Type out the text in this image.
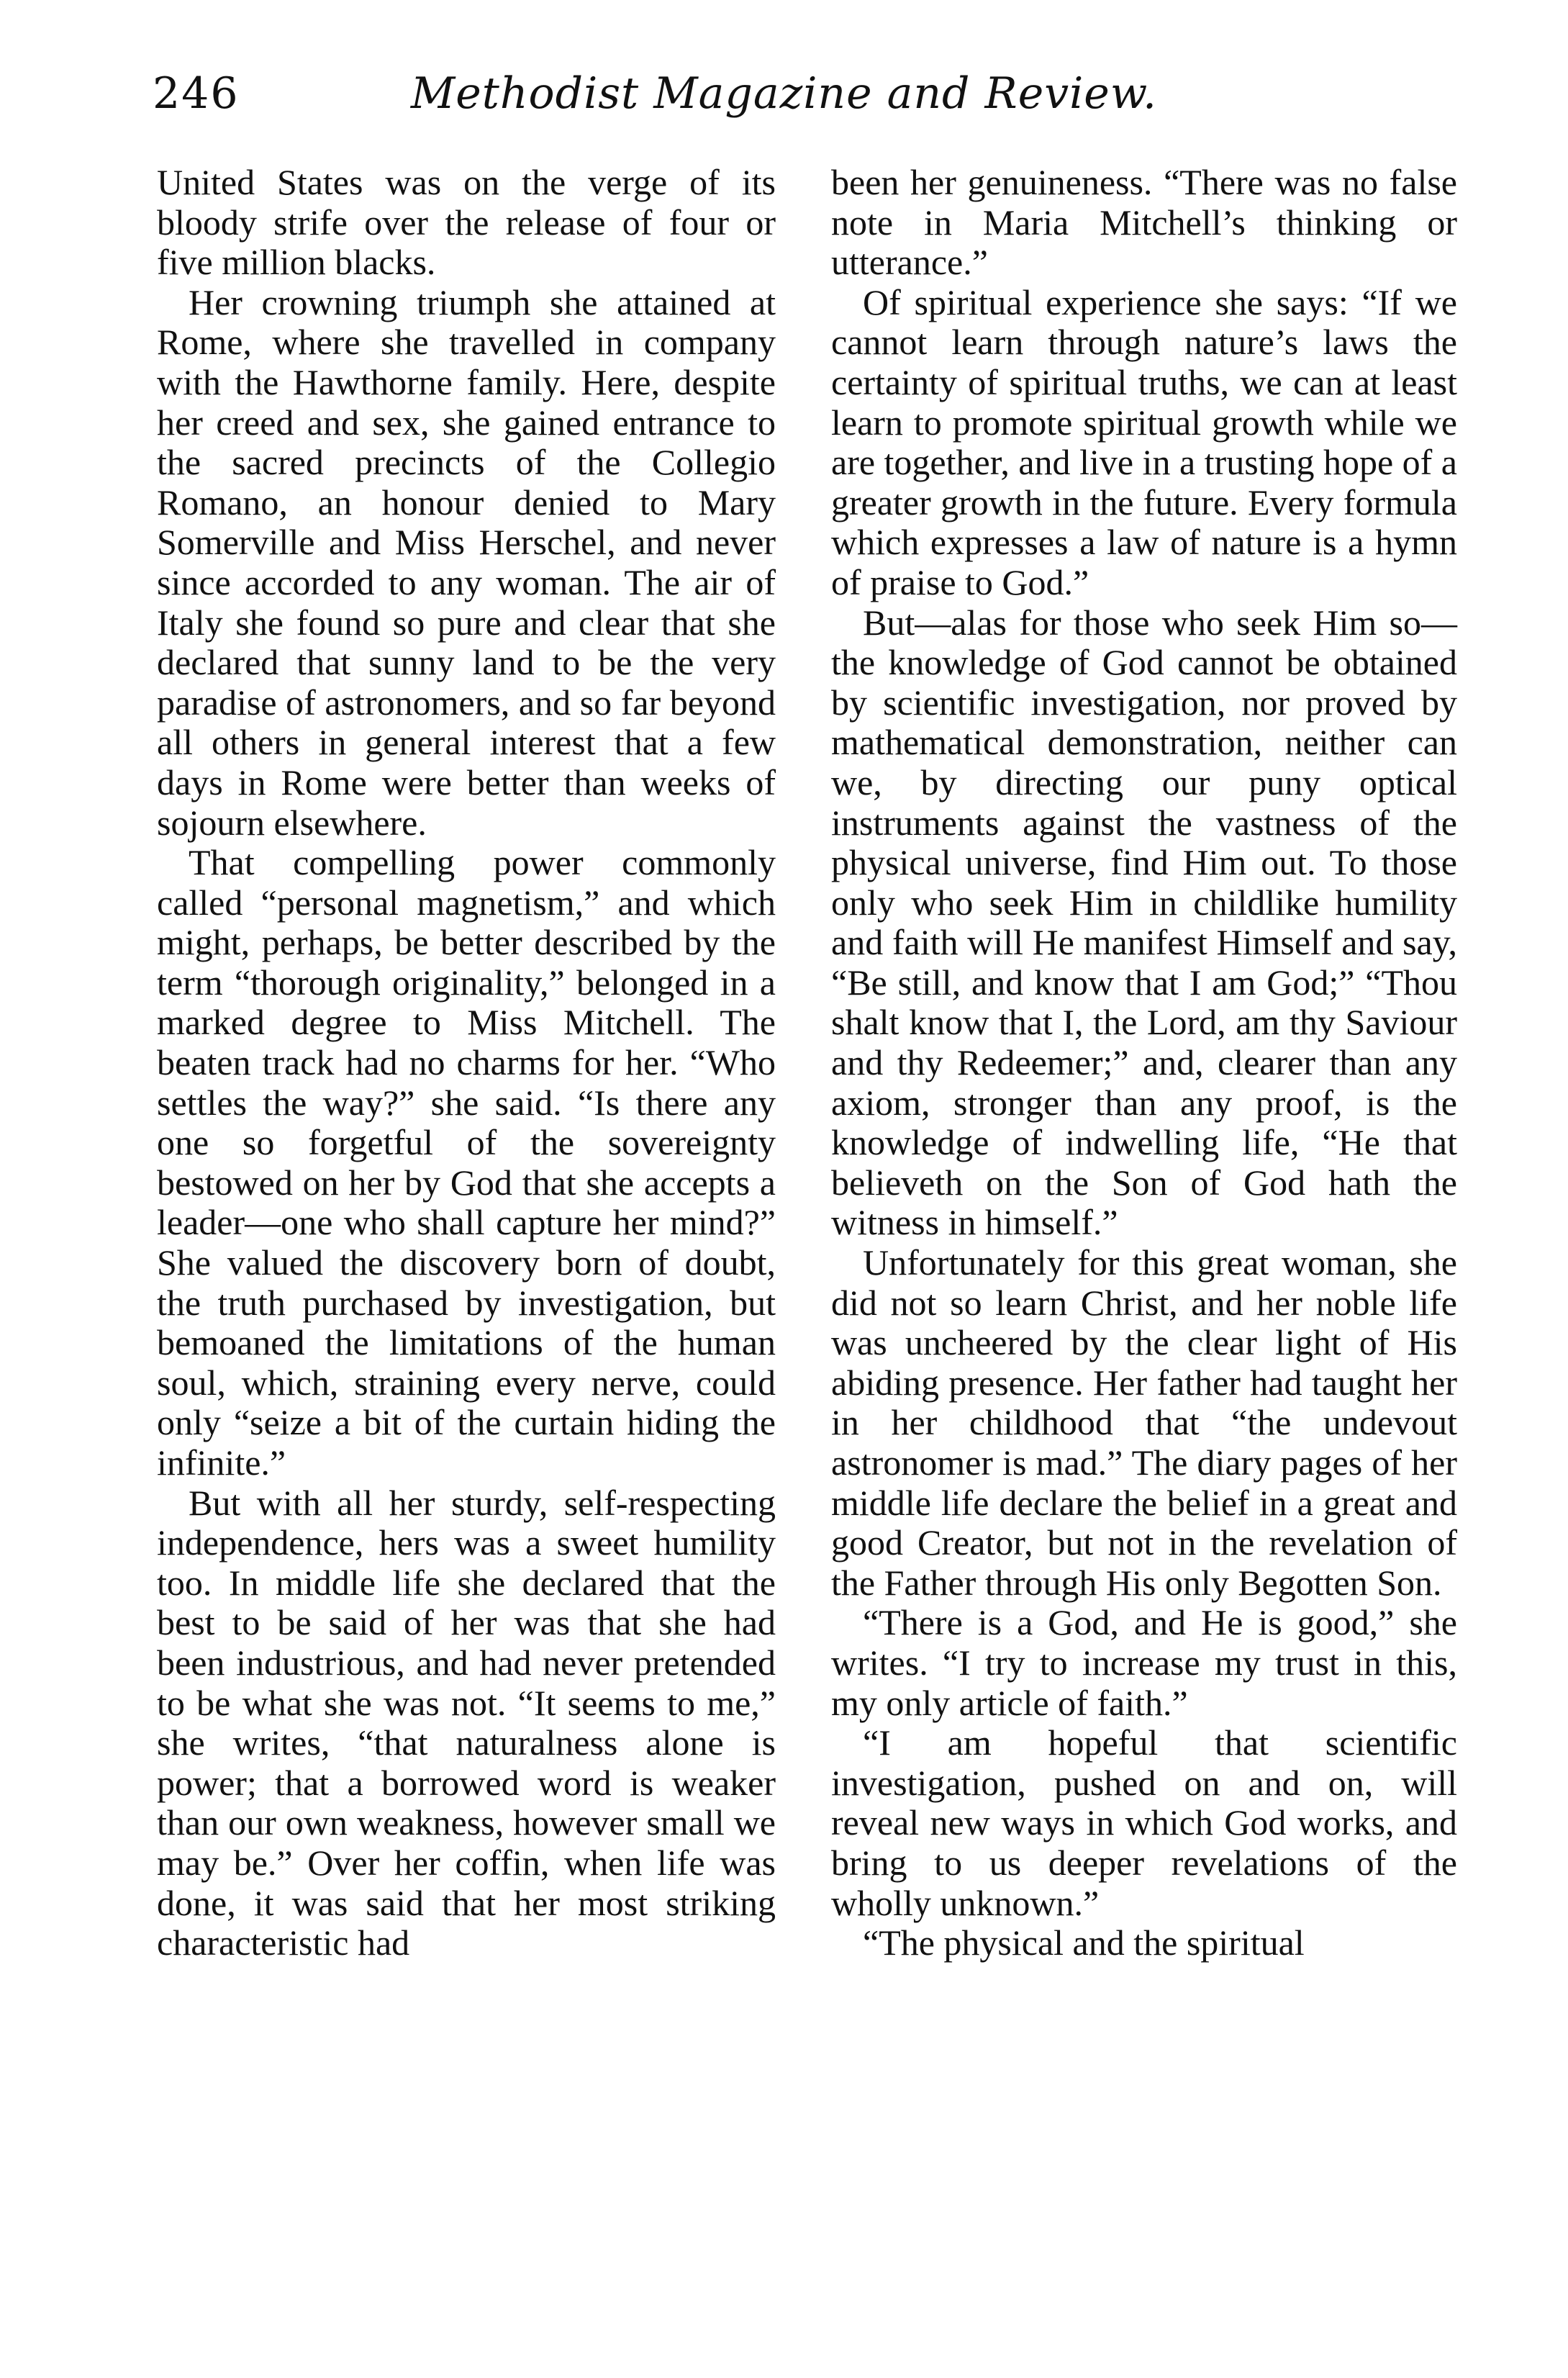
246	Methodist Magazine and Review.

United States was on the verge of its bloody strife over the release of four or five million blacks.

Her crowning triumph she attained at Rome, where she travelled in company with the Hawthorne family. Here, despite her creed and sex, she gained entrance to the sacred precincts of the Collegio Romano, an honour denied to Mary Somerville and Miss Herschel, and never since accorded to any woman. The air of Italy she found so pure and clear that she declared that sunny land to be the very paradise of astronomers, and so far beyond all others in general interest that a few days in Rome were better than weeks of sojourn elsewhere.

That compelling power commonly called “personal magnetism,” and which might, perhaps, be better described by the term “thorough originality,” belonged in a marked degree to Miss Mitchell. The beaten track had no charms for her. “Who settles the way?” she said. “Is there any one so forgetful of the sovereignty bestowed on her by God that she accepts a leader—one who shall capture her mind?” She valued the discovery born of doubt, the truth purchased by investigation, but bemoaned the limitations of the human soul, which, straining every nerve, could only “seize a bit of the curtain hiding the infinite.”

But with all her sturdy, self-respecting independence, hers was a sweet humility too. In middle life she declared that the best to be said of her was that she had been industrious, and had never pretended to be what she was not. “It seems to me,” she writes, “that naturalness alone is power; that a borrowed word is weaker than our own weakness, however small we may be.” Over her coffin, when life was done, it was said that her most striking characteristic had

been her genuineness. “There was no false note in Maria Mitchell’s thinking or utterance.”

Of spiritual experience she says: “If we cannot learn through nature’s laws the certainty of spiritual truths, we can at least learn to promote spiritual growth while we are together, and live in a trusting hope of a greater growth in the future. Every formula which expresses a law of nature is a hymn of praise to God.”

But—alas for those who seek Him so—the knowledge of God cannot be obtained by scientific investigation, nor proved by mathematical demonstration, neither can we, by directing our puny optical instruments against the vastness of the physical universe, find Him out. To those only who seek Him in childlike humility and faith will He manifest Himself and say, “Be still, and know that I am God;” “Thou shalt know that I, the Lord, am thy Saviour and thy Redeemer;” and, clearer than any axiom, stronger than any proof, is the knowledge of indwelling life, “He that believeth on the Son of God hath the witness in himself.”

Unfortunately for this great woman, she did not so learn Christ, and her noble life was uncheered by the clear light of His abiding presence. Her father had taught her in her childhood that “the undevout astronomer is mad.” The diary pages of her middle life declare the belief in a great and good Creator, but not in the revelation of the Father through His only Begotten Son.

“There is a God, and He is good,” she writes. “I try to increase my trust in this, my only article of faith.”

“I am hopeful that scientific investigation, pushed on and on, will reveal new ways in which God works, and bring to us deeper revelations of the wholly unknown.”

“The physical and the spiritual
